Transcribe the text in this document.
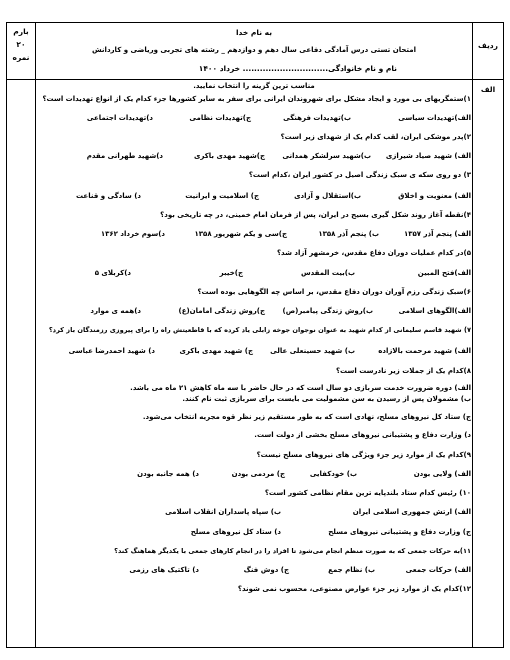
بارم
۲۰
نمره
ردیف
الف
به نام خدا
امتحان تستی درس آمادگی دفاعی سال دهم و دوازدهم _ رشته های تجربی وریاضی و کاردانش
نام و نام خانوادگی.............................. خرداد ۱۴۰۰
مناسب ترین گزینه را انتخاب نمایید.
۱)ستمگریهای بی مورد و ایجاد مشکل برای شهروندان ایرانی برای سفر به سایر کشورها جزء کدام یک از انواع تهدیدات است؟
الف)تهدیدات سیاسی
ب)تهدیدات فرهنگی
ج)تهدیدات نظامی
د)تهدیدات اجتماعی
۲)پدر موشکی ایران، لقب کدام یک از شهدای زیر است؟
الف) شهید صیاد شیرازی
ب)شهید سرلشکر همدانی
ج)شهید مهدی باکری
د)شهید طهرانی مقدم
۳) دو روی سکه ی سبک زندگی اصیل در کشور ایران ،کدام است؟
الف) معنویت و اخلاق
ب)استقلال و آزادی
ج) اسلامیت و ایرانیت
د) سادگی و قناعت
۴)نقطه آغاز روند شکل گیری بسیج در ایران، پس از فرمان امام خمینی، در چه تاریخی بود؟
الف) پنجم آذر ۱۳۵۷
ب) پنجم آذر ۱۳۵۸
ج)سی و یکم شهریور ۱۳۵۸
د)سوم خرداد ۱۳۶۲
۵)در کدام عملیات دوران دفاع مقدس، خرمشهر آزاد شد؟
الف)فتح المبین
ب)بیت المقدس
ج)خیبر
د)کربلای ۵
۶)سبک زندگی رزم آوران دوران دفاع مقدس، بر اساس چه الگوهایی بوده است؟
الف)الگوهای اسلامی
ب)روش زندگی پیامبر(ص)
ج)روش زندگی امامان(ع)
د)همه ی موارد
۷) شهید قاسم سلیمانی از کدام شهید به عنوان نوجوان جوخه زابلی یاد کرده که با قاطعیتش راه را برای پیروزی رزمندگان باز کرد؟
الف) شهید مرحمت بالازاده
ب) شهید حسینعلی عالی
ج) شهید مهدی باکری
د) شهید احمدرضا عباسی
۸)کدام یک از جملات زیر نادرست است؟
الف) دوره ضرورت خدمت سربازی دو سال است که در حال حاضر با سه ماه کاهش ۲۱ ماه می باشد.
ب) مشمولان پس از رسیدن به سن مشمولیت می بایست برای سربازی ثبت نام کنند.
ج) ستاد کل نیروهای مسلح، نهادی است که به طور مستقیم زیر نظر قوه مجریه انتخاب می‌شود.
د) وزارت دفاع و پشتیبانی نیروهای مسلح بخشی از دولت است.
۹)کدام یک از موارد زیر جزء ویژگی های نیروهای مسلح نیست؟
الف) ولایی بودن
ب) خودکفایی
ج) مردمی بودن
د) همه جانبه بودن
۱۰) رئیس کدام ستاد بلندپایه ترین مقام نظامی کشور است؟
الف) ارتش جمهوری اسلامی ایران
ب) سپاه پاسداران انقلاب اسلامی
ج) وزارت دفاع و پشتیبانی نیروهای مسلح
د) ستاد کل نیروهای مسلح
۱۱)به حرکات جمعی که به صورت منظم انجام می‌شود تا افراد را در انجام کارهای جمعی با یکدیگر هماهنگ کند؟
الف) حرکات جمعی
ب) نظام جمع
ج) دوش فنگ
د) تاکتیک های رزمی
۱۲)کدام یک از موارد زیر جزء عوارض مصنوعی، محسوب نمی شوند؟
